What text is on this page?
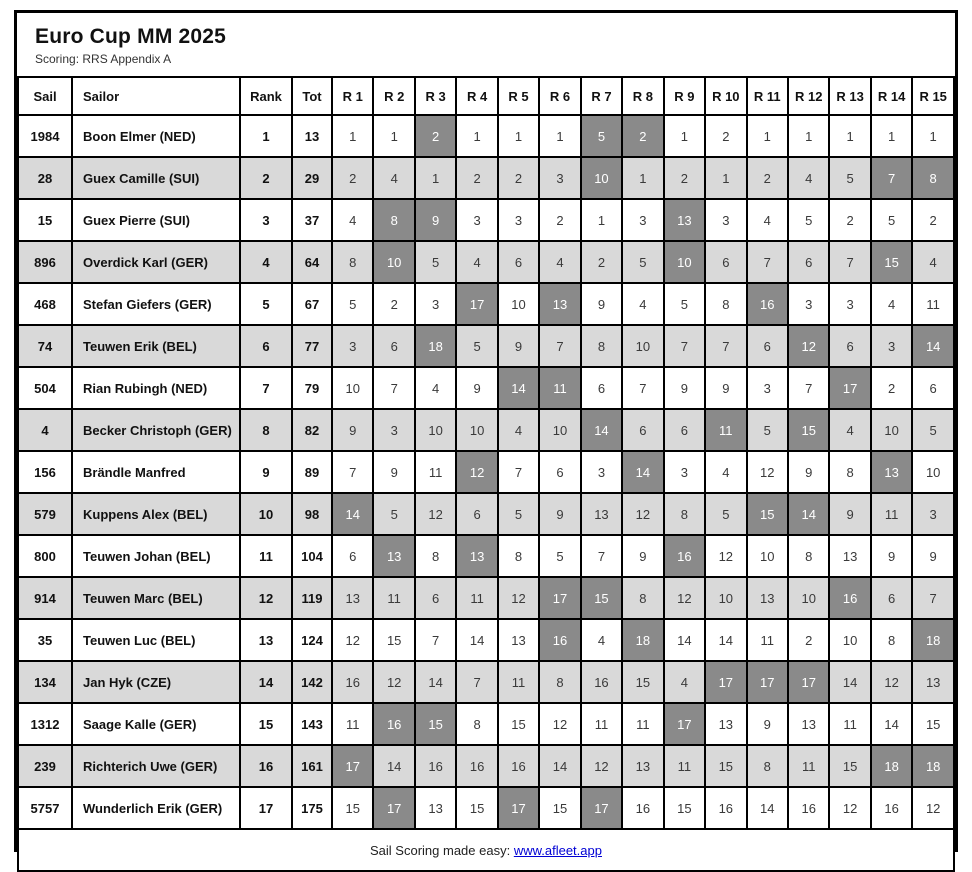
Euro Cup MM 2025
Scoring: RRS Appendix A
Sail	Sailor	Rank	Tot	R 1	R 2	R 3	R 4	R 5	R 6	R 7	R 8	R 9	R 10	R 11	R 12	R 13	R 14	R 15
1984	Boon Elmer (NED)	1	13	1	1	2	1	1	1	5	2	1	2	1	1	1	1	1
28	Guex Camille (SUI)	2	29	2	4	1	2	2	3	10	1	2	1	2	4	5	7	8
15	Guex Pierre (SUI)	3	37	4	8	9	3	3	2	1	3	13	3	4	5	2	5	2
896	Overdick Karl (GER)	4	64	8	10	5	4	6	4	2	5	10	6	7	6	7	15	4
468	Stefan Giefers (GER)	5	67	5	2	3	17	10	13	9	4	5	8	16	3	3	4	11
74	Teuwen Erik (BEL)	6	77	3	6	18	5	9	7	8	10	7	7	6	12	6	3	14
504	Rian Rubingh (NED)	7	79	10	7	4	9	14	11	6	7	9	9	3	7	17	2	6
4	Becker Christoph (GER)	8	82	9	3	10	10	4	10	14	6	6	11	5	15	4	10	5
156	Brändle Manfred	9	89	7	9	11	12	7	6	3	14	3	4	12	9	8	13	10
579	Kuppens Alex (BEL)	10	98	14	5	12	6	5	9	13	12	8	5	15	14	9	11	3
800	Teuwen Johan (BEL)	11	104	6	13	8	13	8	5	7	9	16	12	10	8	13	9	9
914	Teuwen Marc (BEL)	12	119	13	11	6	11	12	17	15	8	12	10	13	10	16	6	7
35	Teuwen Luc (BEL)	13	124	12	15	7	14	13	16	4	18	14	14	11	2	10	8	18
134	Jan Hyk (CZE)	14	142	16	12	14	7	11	8	16	15	4	17	17	17	14	12	13
1312	Saage Kalle (GER)	15	143	11	16	15	8	15	12	11	11	17	13	9	13	11	14	15
239	Richterich Uwe (GER)	16	161	17	14	16	16	16	14	12	13	11	15	8	11	15	18	18
5757	Wunderlich Erik (GER)	17	175	15	17	13	15	17	15	17	16	15	16	14	16	12	16	12
Sail Scoring made easy: www.afleet.app																		
